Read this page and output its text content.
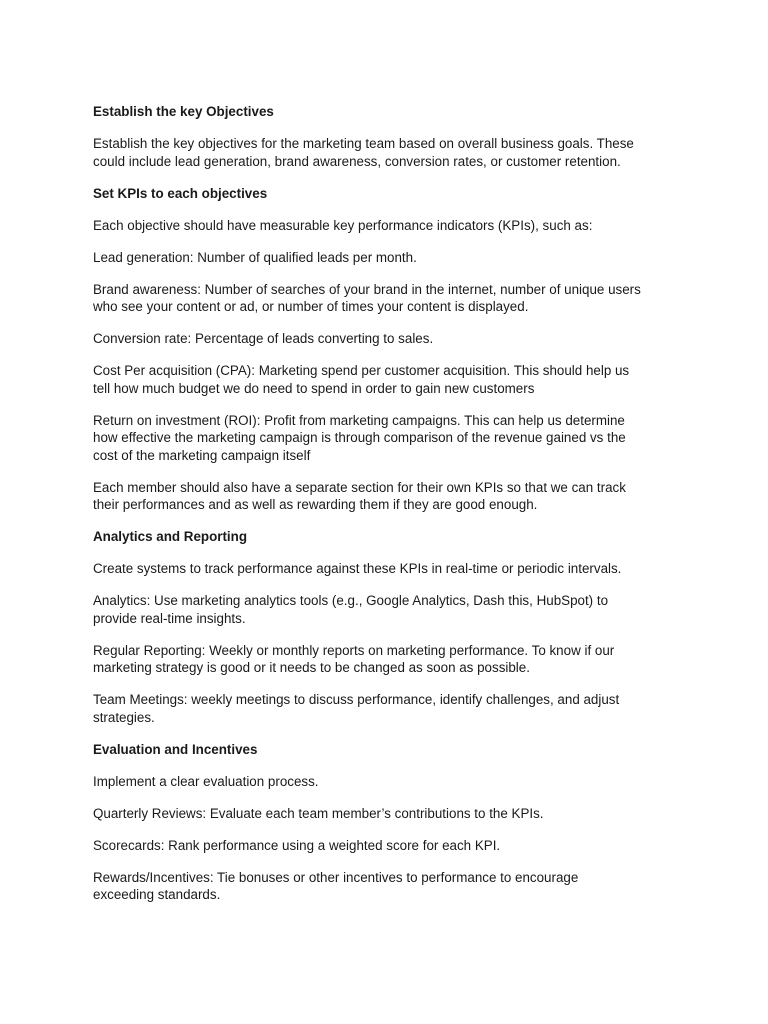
Establish the key Objectives
Establish the key objectives for the marketing team based on overall business goals. These
could include lead generation, brand awareness, conversion rates, or customer retention.
Set KPIs to each objectives
Each objective should have measurable key performance indicators (KPIs), such as:
Lead generation: Number of qualified leads per month.
Brand awareness: Number of searches of your brand in the internet, number of unique users
who see your content or ad, or number of times your content is displayed.
Conversion rate: Percentage of leads converting to sales.
Cost Per acquisition (CPA): Marketing spend per customer acquisition. This should help us
tell how much budget we do need to spend in order to gain new customers
Return on investment (ROI): Profit from marketing campaigns. This can help us determine
how effective the marketing campaign is through comparison of the revenue gained vs the
cost of the marketing campaign itself
Each member should also have a separate section for their own KPIs so that we can track
their performances and as well as rewarding them if they are good enough.
Analytics and Reporting
Create systems to track performance against these KPIs in real-time or periodic intervals.
Analytics: Use marketing analytics tools (e.g., Google Analytics, Dash this, HubSpot) to
provide real-time insights.
Regular Reporting: Weekly or monthly reports on marketing performance. To know if our
marketing strategy is good or it needs to be changed as soon as possible.
Team Meetings: weekly meetings to discuss performance, identify challenges, and adjust
strategies.
Evaluation and Incentives
Implement a clear evaluation process.
Quarterly Reviews: Evaluate each team member’s contributions to the KPIs.
Scorecards: Rank performance using a weighted score for each KPI.
Rewards/Incentives: Tie bonuses or other incentives to performance to encourage
exceeding standards.
